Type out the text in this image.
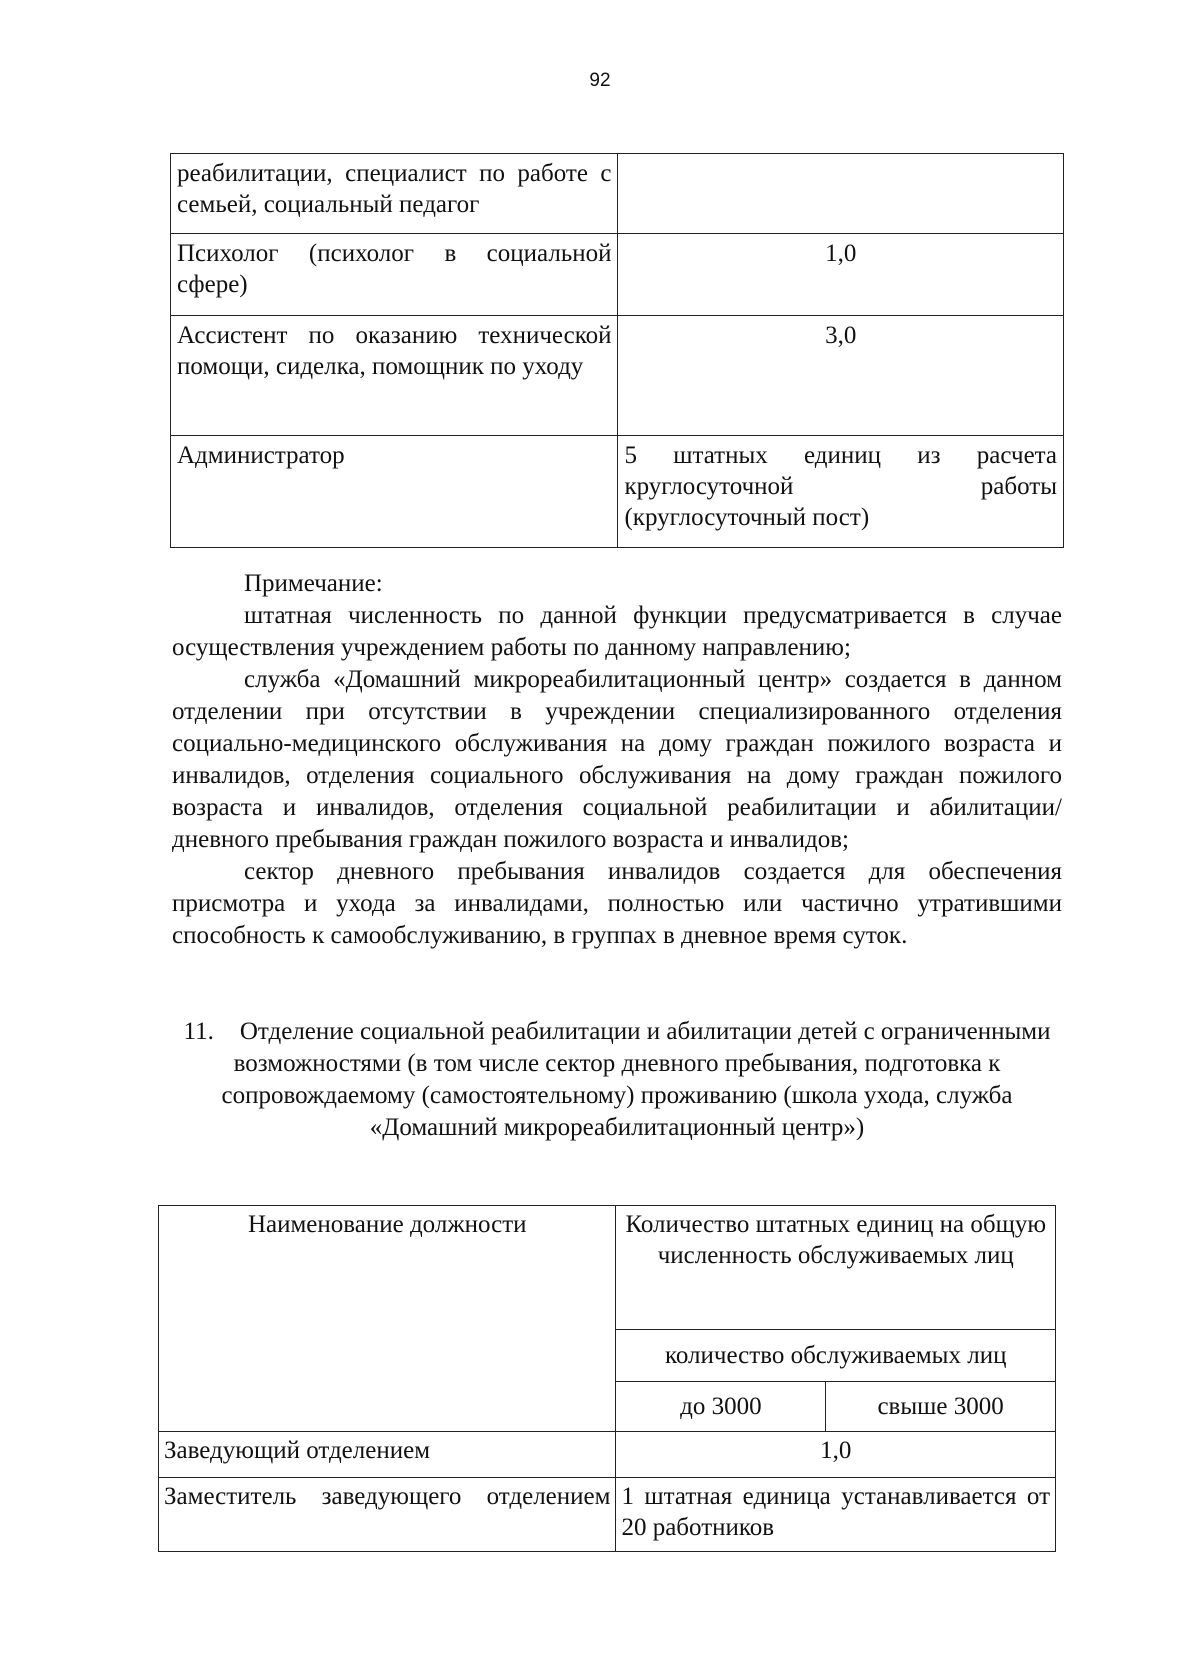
92
реабилитации, специалист по работе с семьей, социальный педагог	
Психолог (психолог в социальной сфере)	1,0
Ассистент по оказанию технической помощи, сиделка, помощник по уходу	3,0
Администратор	5 штатных единиц из расчета круглосуточной работы (круглосуточный пост)

Примечание:

штатная численность по данной функции предусматривается в случае осуществления учреждением работы по данному направлению;

служба «Домашний микрореабилитационный центр» создается в данном отделении при отсутствии в учреждении специализированного отделения социально-медицинского обслуживания на дому граждан пожилого возраста и инвалидов, отделения социального обслуживания на дому граждан пожилого возраста и инвалидов, отделения социальной реабилитации и абилитации/дневного пребывания граждан пожилого возраста и инвалидов;

сектор дневного пребывания инвалидов создается для обеспечения присмотра и ухода за инвалидами, полностью или частично утратившими способность к самообслуживанию, в группах в дневное время суток.

11. Отделение социальной реабилитации и абилитации детей с ограниченными возможностями (в том числе сектор дневного пребывания, подготовка к сопровождаемому (самостоятельному) проживанию (школа ухода, служба «Домашний микрореабилитационный центр»)
Наименование должности	Количество штатных единиц на общую численность обслуживаемых лиц	
	количество обслуживаемых лиц	
	до 3000	свыше 3000
Заведующий отделением	1,0	

Заместитель заведующего отделением	1 штатная единица устанавливается от 20 работников	
